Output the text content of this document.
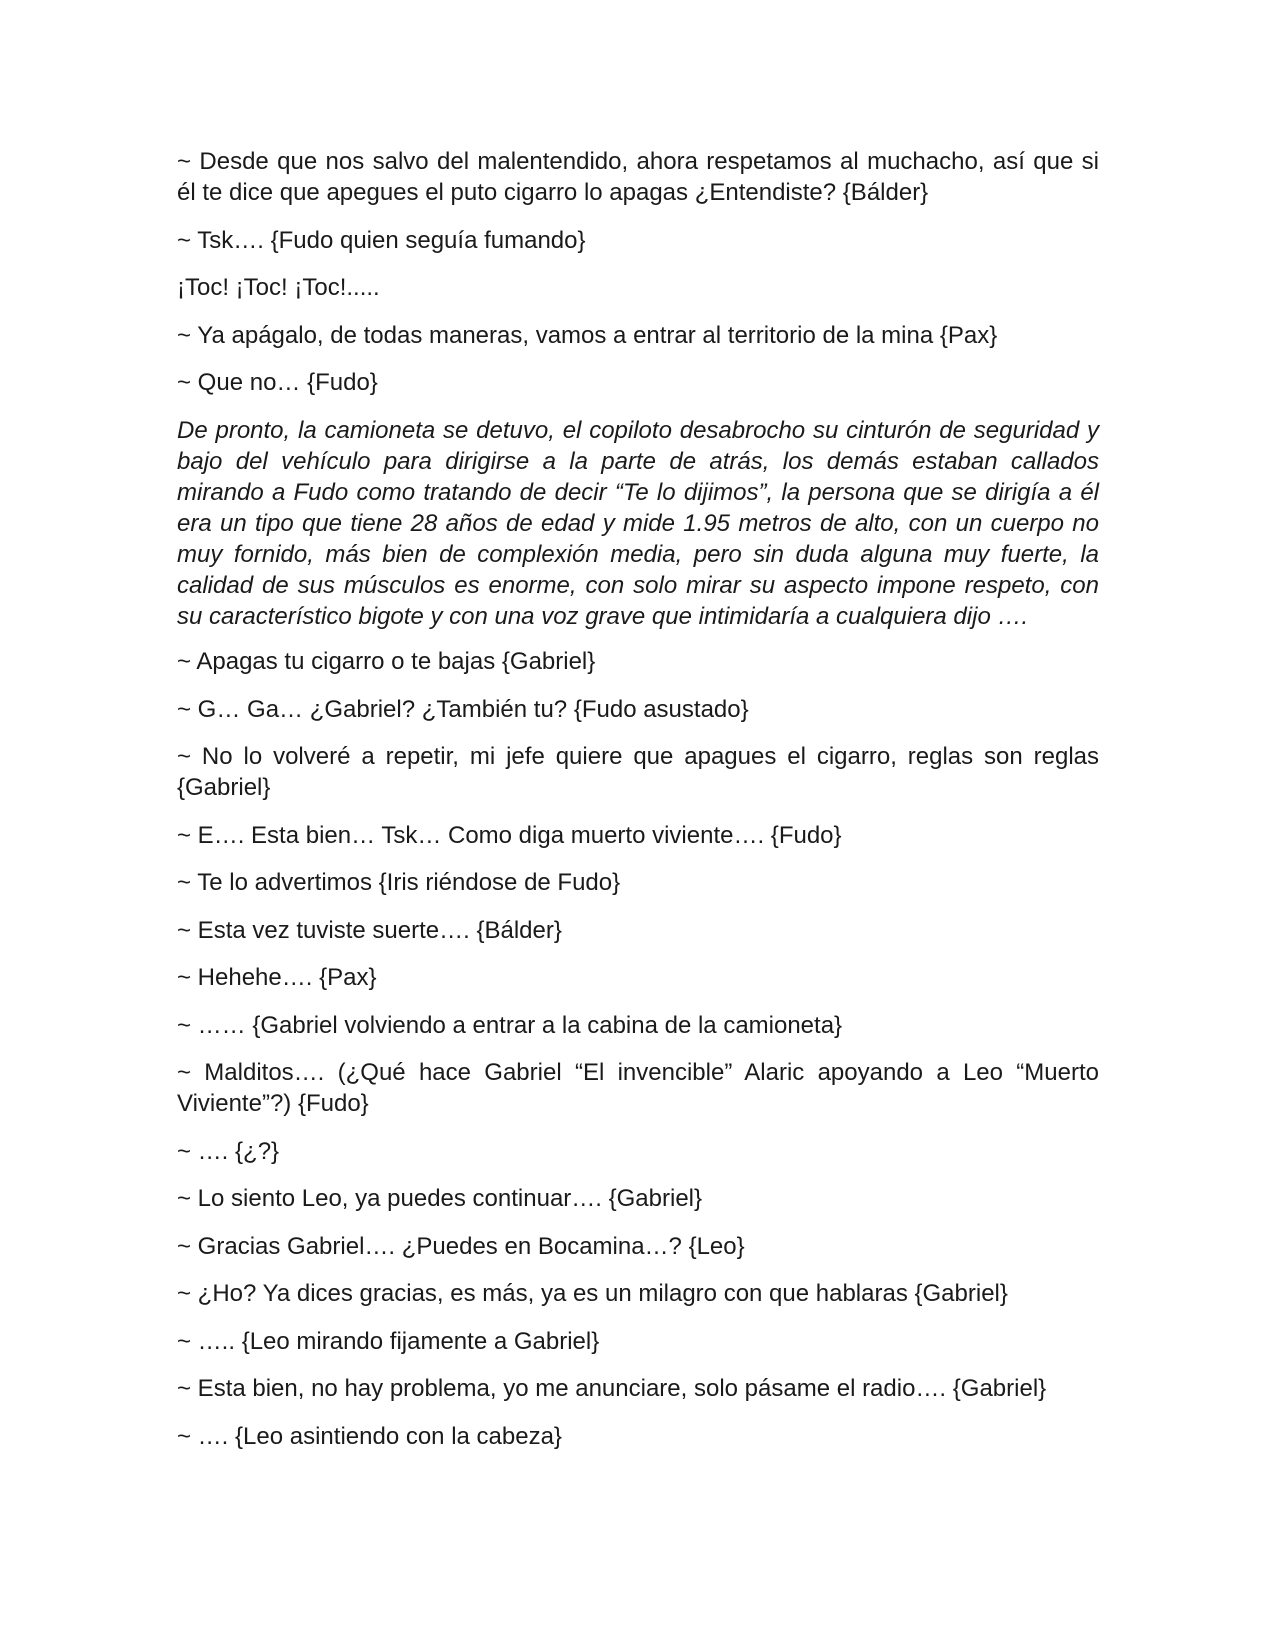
~ Desde que nos salvo del malentendido, ahora respetamos al muchacho, así que si él te dice que apegues el puto cigarro lo apagas ¿Entendiste? {Bálder}

~ Tsk…. {Fudo quien seguía fumando}

¡Toc! ¡Toc! ¡Toc!.....

~ Ya apágalo, de todas maneras, vamos a entrar al territorio de la mina {Pax}

~ Que no… {Fudo}

De pronto, la camioneta se detuvo, el copiloto desabrocho su cinturón de seguridad y bajo del vehículo para dirigirse a la parte de atrás, los demás estaban callados mirando a Fudo como tratando de decir “Te lo dijimos”, la persona que se dirigía a él era un tipo que tiene 28 años de edad y mide 1.95 metros de alto, con un cuerpo no muy fornido, más bien de complexión media, pero sin duda alguna muy fuerte, la calidad de sus músculos es enorme, con solo mirar su aspecto impone respeto, con su característico bigote y con una voz grave que intimidaría a cualquiera dijo ….

~ Apagas tu cigarro o te bajas {Gabriel}

~ G… Ga… ¿Gabriel? ¿También tu? {Fudo asustado}

~ No lo volveré a repetir, mi jefe quiere que apagues el cigarro, reglas son reglas {Gabriel}

~ E…. Esta bien… Tsk… Como diga muerto viviente…. {Fudo}

~ Te lo advertimos {Iris riéndose de Fudo}

~ Esta vez tuviste suerte…. {Bálder}

~ Hehehe…. {Pax}

~ …… {Gabriel volviendo a entrar a la cabina de la camioneta}

~ Malditos…. (¿Qué hace Gabriel “El invencible” Alaric apoyando a Leo “Muerto Viviente”?) {Fudo}

~ …. {¿?}

~ Lo siento Leo, ya puedes continuar…. {Gabriel}

~ Gracias Gabriel…. ¿Puedes en Bocamina…? {Leo}

~ ¿Ho? Ya dices gracias, es más, ya es un milagro con que hablaras {Gabriel}

~ ….. {Leo mirando fijamente a Gabriel}

~ Esta bien, no hay problema, yo me anunciare, solo pásame el radio…. {Gabriel}

~ …. {Leo asintiendo con la cabeza}
